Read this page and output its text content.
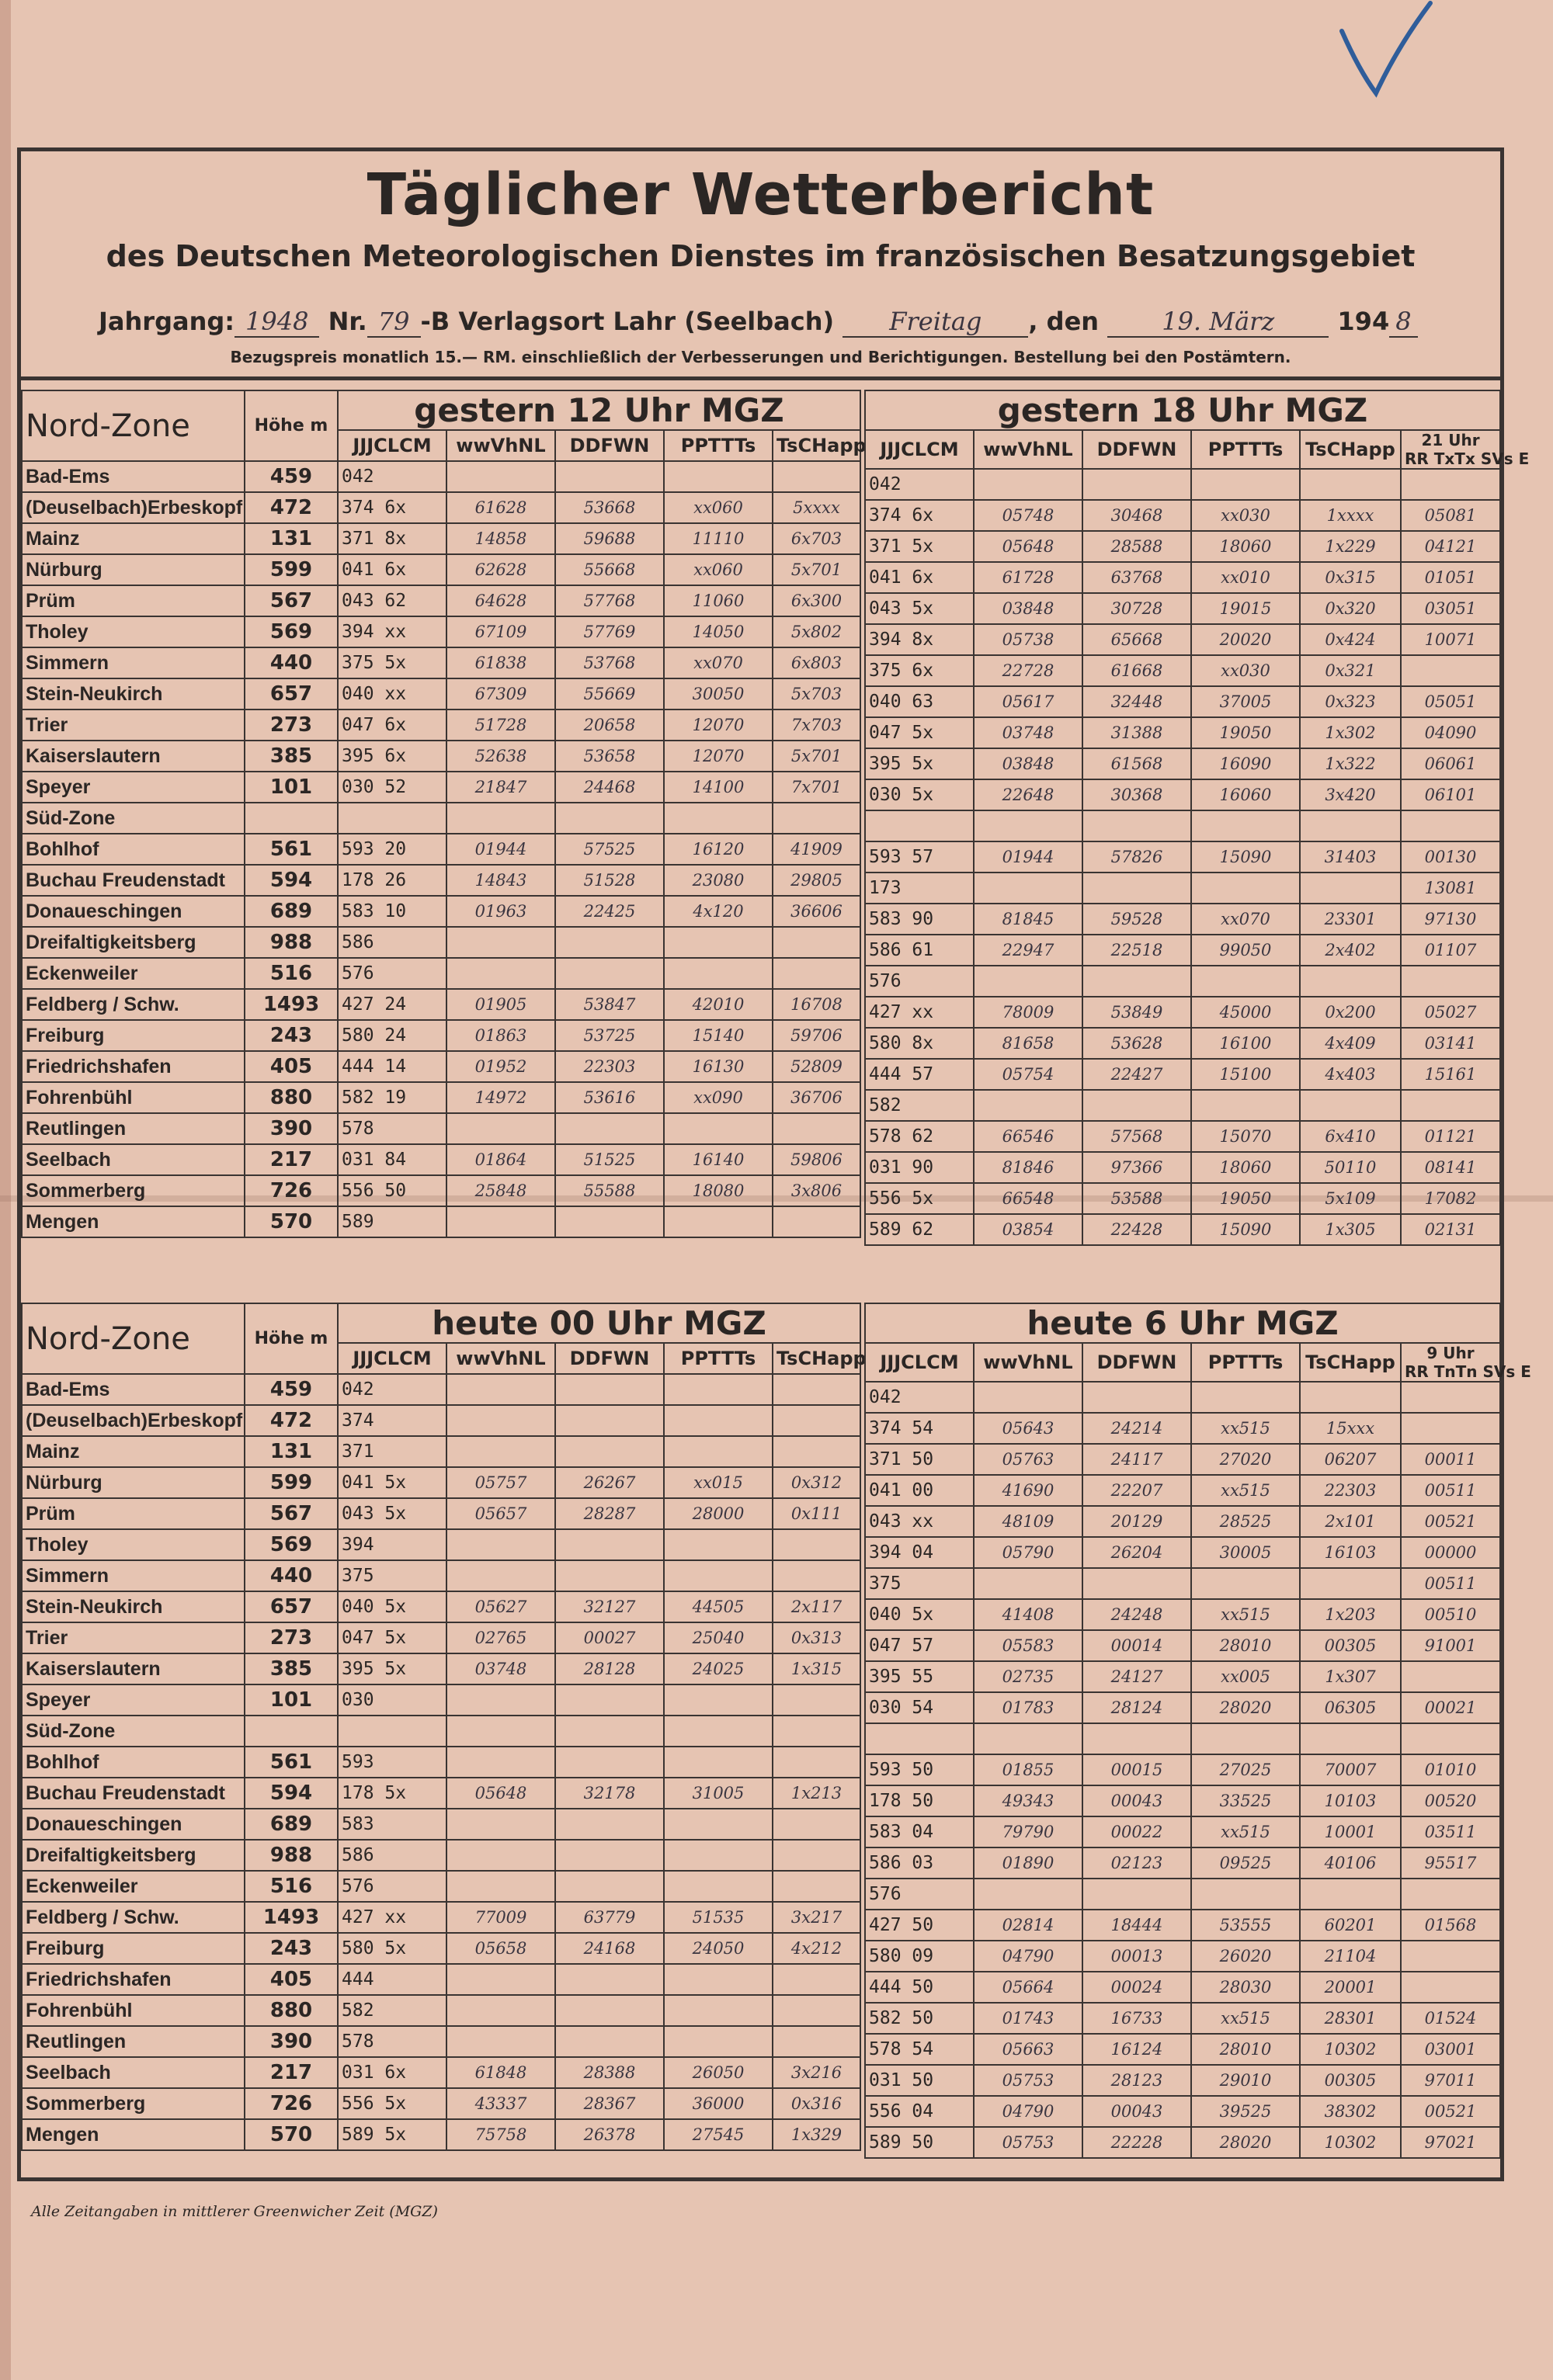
Täglicher Wetterbericht
des Deutschen Meteorologischen Dienstes im französischen Besatzungsgebiet
Jahrgang: 1948 Nr. 79 -B Verlagsort Lahr (Seelbach) Freitag , den	19. März	194 8
Bezugspreis monatlich 15.— RM. einschließlich der Verbesserungen und Berichtigungen. Bestellung bei den Postämtern.
Nord-Zone	Höhe m	gestern 12 Uhr MGZ				
		JJJCLCM	wwVhNL	DDFWN	PPTTTs	TsCHapp
Bad-Ems	459	042				
(Deuselbach)Erbeskopf	472	374 6x	61628	53668	xx060	5xxxx
Mainz	131	371 8x	14858	59688	11110	6x703
Nürburg	599	041 6x	62628	55668	xx060	5x701
Prüm	567	043 62	64628	57768	11060	6x300
Tholey	569	394 xx	67109	57769	14050	5x802
Simmern	440	375 5x	61838	53768	xx070	6x803
Stein-Neukirch	657	040 xx	67309	55669	30050	5x703
Trier	273	047 6x	51728	20658	12070	7x703
Kaiserslautern	385	395 6x	52638	53658	12070	5x701
Speyer	101	030 52	21847	24468	14100	7x701
Süd-Zone						
Bohlhof	561	593 20	01944	57525	16120	41909
Buchau Freudenstadt	594	178 26	14843	51528	23080	29805
Donaueschingen	689	583 10	01963	22425	4x120	36606
Dreifaltigkeitsberg	988	586				
Eckenweiler	516	576				
Feldberg / Schw.	1493	427 24	01905	53847	42010	16708
Freiburg	243	580 24	01863	53725	15140	59706
Friedrichshafen	405	444 14	01952	22303	16130	52809
Fohrenbühl	880	582 19	14972	53616	xx090	36706
Reutlingen	390	578				
Seelbach	217	031 84	01864	51525	16140	59806
Sommerberg	726	556 50	25848	55588	18080	3x806
Mengen	570	589				
gestern 18 Uhr MGZ					
JJJCLCM	wwVhNL	DDFWN	PPTTTs	TsCHapp	21 Uhr
RR TxTx SVs E

042					
374 6x	05748	30468	xx030	1xxxx	05081
371 5x	05648	28588	18060	1x229	04121
041 6x	61728	63768	xx010	0x315	01051
043 5x	03848	30728	19015	0x320	03051
394 8x	05738	65668	20020	0x424	10071
375 6x	22728	61668	xx030	0x321	
040 63	05617	32448	37005	0x323	05051
047 5x	03748	31388	19050	1x302	04090
395 5x	03848	61568	16090	1x322	06061
030 5x	22648	30368	16060	3x420	06101

593 57	01944	57826	15090	31403	00130
173					13081
583 90	81845	59528	xx070	23301	97130
586 61	22947	22518	99050	2x402	01107
576					
427 xx	78009	53849	45000	0x200	05027
580 8x	81658	53628	16100	4x409	03141
444 57	05754	22427	15100	4x403	15161
582					
578 62	66546	57568	15070	6x410	01121
031 90	81846	97366	18060	50110	08141
556 5x	66548	53588	19050	5x109	17082
589 62	03854	22428	15090	1x305	02131
Nord-Zone	Höhe m	heute 00 Uhr MGZ				
		JJJCLCM	wwVhNL	DDFWN	PPTTTs	TsCHapp
Bad-Ems	459	042				
(Deuselbach)Erbeskopf	472	374				
Mainz	131	371				
Nürburg	599	041 5x	05757	26267	xx015	0x312
Prüm	567	043 5x	05657	28287	28000	0x111
Tholey	569	394				
Simmern	440	375				
Stein-Neukirch	657	040 5x	05627	32127	44505	2x117
Trier	273	047 5x	02765	00027	25040	0x313
Kaiserslautern	385	395 5x	03748	28128	24025	1x315
Speyer	101	030				
Süd-Zone						
Bohlhof	561	593				
Buchau Freudenstadt	594	178 5x	05648	32178	31005	1x213
Donaueschingen	689	583				
Dreifaltigkeitsberg	988	586				
Eckenweiler	516	576				
Feldberg / Schw.	1493	427 xx	77009	63779	51535	3x217
Freiburg	243	580 5x	05658	24168	24050	4x212
Friedrichshafen	405	444				
Fohrenbühl	880	582				
Reutlingen	390	578				
Seelbach	217	031 6x	61848	28388	26050	3x216
Sommerberg	726	556 5x	43337	28367	36000	0x316
Mengen	570	589 5x	75758	26378	27545	1x329
heute 6 Uhr MGZ					
JJJCLCM	wwVhNL	DDFWN	PPTTTs	TsCHapp	9 Uhr
RR TnTn SVs E

042					
374 54	05643	24214	xx515	15xxx	
371 50	05763	24117	27020	06207	00011
041 00	41690	22207	xx515	22303	00511
043 xx	48109	20129	28525	2x101	00521
394 04	05790	26204	30005	16103	00000
375					00511
040 5x	41408	24248	xx515	1x203	00510
047 57	05583	00014	28010	00305	91001
395 55	02735	24127	xx005	1x307	
030 54	01783	28124	28020	06305	00021

593 50	01855	00015	27025	70007	01010
178 50	49343	00043	33525	10103	00520
583 04	79790	00022	xx515	10001	03511
586 03	01890	02123	09525	40106	95517
576					
427 50	02814	18444	53555	60201	01568
580 09	04790	00013	26020	21104	
444 50	05664	00024	28030	20001	
582 50	01743	16733	xx515	28301	01524
578 54	05663	16124	28010	10302	03001
031 50	05753	28123	29010	00305	97011
556 04	04790	00043	39525	38302	00521
589 50	05753	22228	28020	10302	97021
Alle Zeitangaben in mittlerer Greenwicher Zeit (MGZ)
